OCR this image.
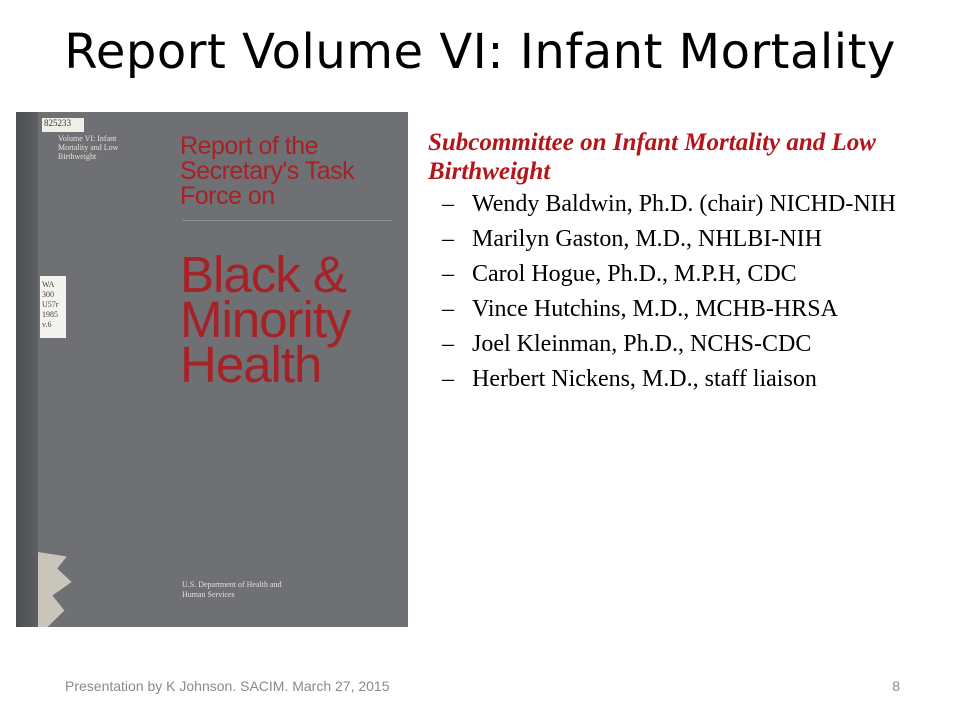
Report Volume VI: Infant Mortality
825233
Volume VI: Infant Mortality and Low Birthweight
WA 300 U57r 1985 v.6
Report of the Secretary's Task Force on
Black & Minority Health
U.S. Department of Health and Human Services
Subcommittee on Infant Mortality and Low Birthweight
– Wendy Baldwin, Ph.D. (chair) NICHD-NIH
– Marilyn Gaston, M.D., NHLBI-NIH
– Carol Hogue, Ph.D., M.P.H, CDC
– Vince Hutchins, M.D., MCHB-HRSA
– Joel Kleinman, Ph.D., NCHS-CDC
– Herbert Nickens, M.D., staff liaison
Presentation by K Johnson. SACIM. March 27, 2015	8
